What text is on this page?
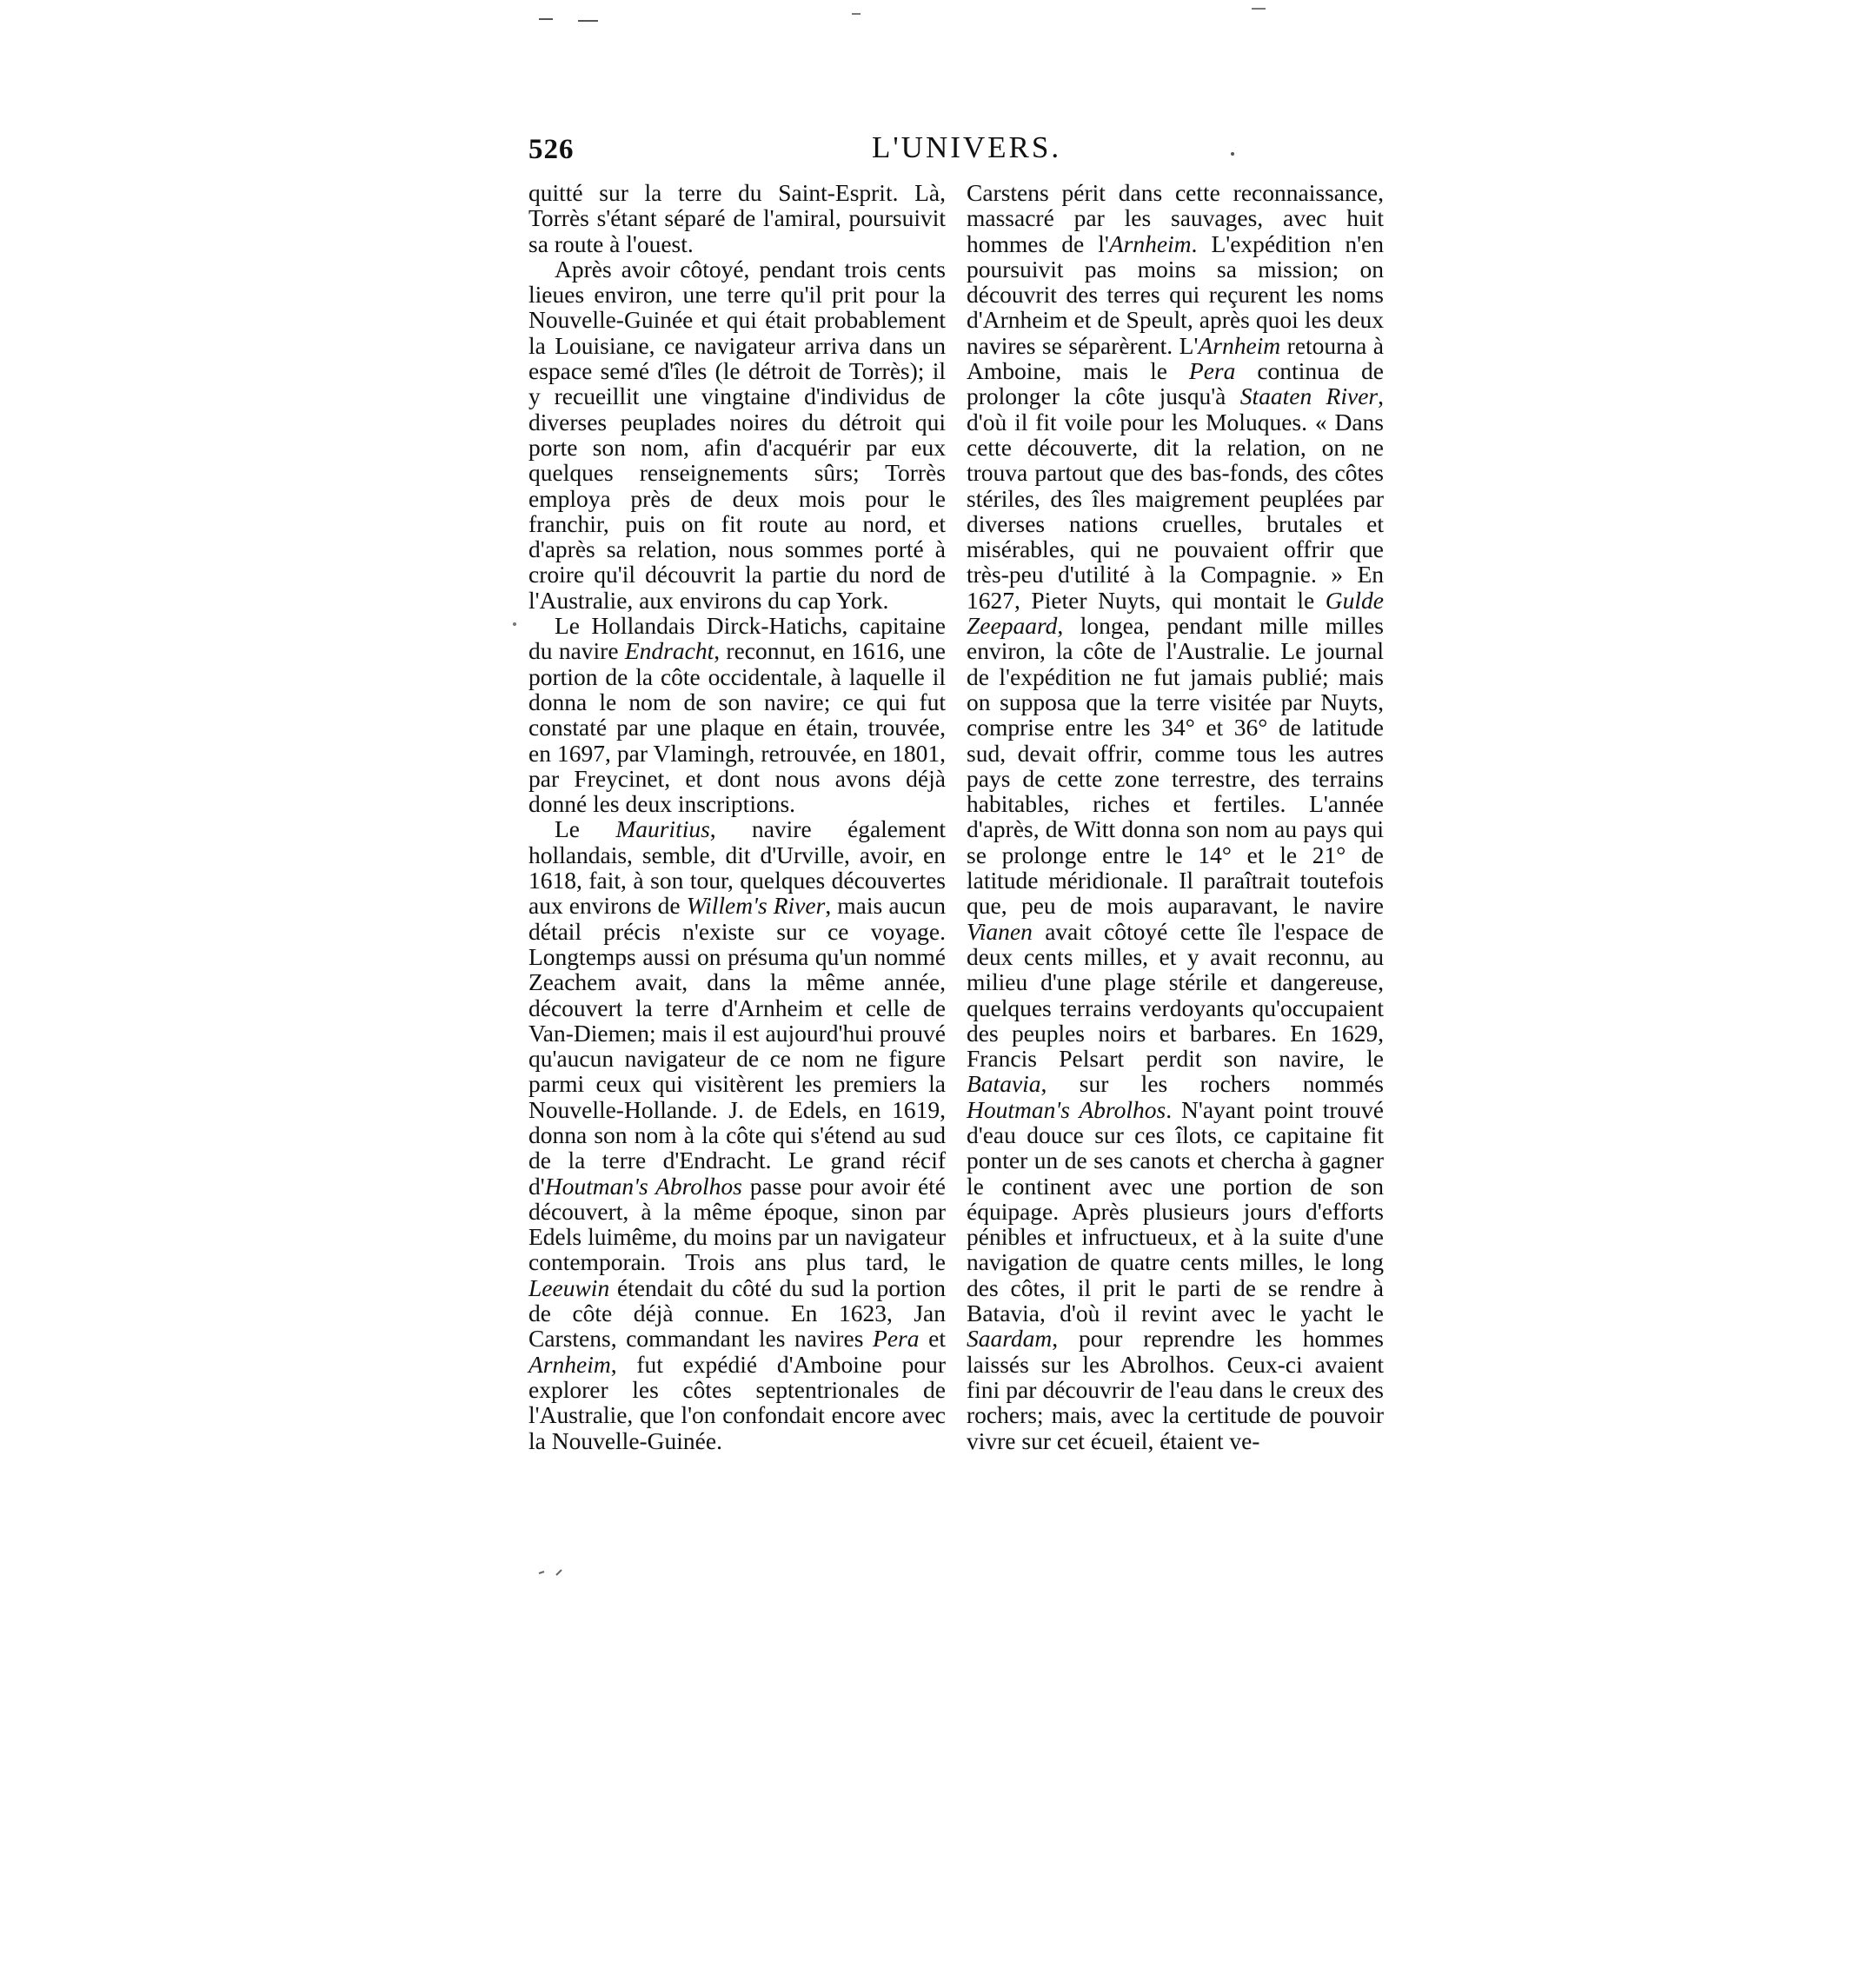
526	L'UNIVERS.

quitté sur la terre du Saint-Esprit. Là, Torrès s'étant séparé de l'amiral, poursuivit sa route à l'ouest.

Après avoir côtoyé, pendant trois cents lieues environ, une terre qu'il prit pour la Nouvelle-Guinée et qui était probablement la Louisiane, ce navigateur arriva dans un espace semé d'îles (le détroit de Torrès); il y recueillit une vingtaine d'individus de diverses peuplades noires du détroit qui porte son nom, afin d'acquérir par eux quelques renseignements sûrs; Torrès employa près de deux mois pour le franchir, puis on fit route au nord, et d'après sa relation, nous sommes porté à croire qu'il découvrit la partie du nord de l'Australie, aux environs du cap York.

Le Hollandais Dirck-Hatichs, capitaine du navire Endracht, reconnut, en 1616, une portion de la côte occidentale, à laquelle il donna le nom de son navire; ce qui fut constaté par une plaque en étain, trouvée, en 1697, par Vlamingh, retrouvée, en 1801, par Freycinet, et dont nous avons déjà donné les deux inscriptions.

Le Mauritius, navire également hollandais, semble, dit d'Urville, avoir, en 1618, fait, à son tour, quelques découvertes aux environs de Willem's River, mais aucun détail précis n'existe sur ce voyage. Longtemps aussi on présuma qu'un nommé Zeachem avait, dans la même année, découvert la terre d'Arnheim et celle de Van-Diemen; mais il est aujourd'hui prouvé qu'aucun navigateur de ce nom ne figure parmi ceux qui visitèrent les premiers la Nouvelle-Hollande. J. de Edels, en 1619, donna son nom à la côte qui s'étend au sud de la terre d'Endracht. Le grand récif d'Houtman's Abrolhos passe pour avoir été découvert, à la même époque, sinon par Edels luimême, du moins par un navigateur contemporain. Trois ans plus tard, le Leeuwin étendait du côté du sud la portion de côte déjà connue. En 1623, Jan Carstens, commandant les navires Pera et Arnheim, fut expédié d'Amboine pour explorer les côtes septentrionales de l'Australie, que l'on confondait encore avec la Nouvelle-Guinée.

Carstens périt dans cette reconnaissance, massacré par les sauvages, avec huit hommes de l'Arnheim. L'expédition n'en poursuivit pas moins sa mission; on découvrit des terres qui reçurent les noms d'Arnheim et de Speult, après quoi les deux navires se séparèrent. L'Arnheim retourna à Amboine, mais le Pera continua de prolonger la côte jusqu'à Staaten River, d'où il fit voile pour les Moluques. « Dans cette découverte, dit la relation, on ne trouva partout que des bas-fonds, des côtes stériles, des îles maigrement peuplées par diverses nations cruelles, brutales et misérables, qui ne pouvaient offrir que très-peu d'utilité à la Compagnie. » En 1627, Pieter Nuyts, qui montait le Gulde Zeepaard, longea, pendant mille milles environ, la côte de l'Australie. Le journal de l'expédition ne fut jamais publié; mais on supposa que la terre visitée par Nuyts, comprise entre les 34° et 36° de latitude sud, devait offrir, comme tous les autres pays de cette zone terrestre, des terrains habitables, riches et fertiles. L'année d'après, de Witt donna son nom au pays qui se prolonge entre le 14° et le 21° de latitude méridionale. Il paraîtrait toutefois que, peu de mois auparavant, le navire Vianen avait côtoyé cette île l'espace de deux cents milles, et y avait reconnu, au milieu d'une plage stérile et dangereuse, quelques terrains verdoyants qu'occupaient des peuples noirs et barbares. En 1629, Francis Pelsart perdit son navire, le Batavia, sur les rochers nommés Houtman's Abrolhos. N'ayant point trouvé d'eau douce sur ces îlots, ce capitaine fit ponter un de ses canots et chercha à gagner le continent avec une portion de son équipage. Après plusieurs jours d'efforts pénibles et infructueux, et à la suite d'une navigation de quatre cents milles, le long des côtes, il prit le parti de se rendre à Batavia, d'où il revint avec le yacht le Saardam, pour reprendre les hommes laissés sur les Abrolhos. Ceux-ci avaient fini par découvrir de l'eau dans le creux des rochers; mais, avec la certitude de pouvoir vivre sur cet écueil, étaient ve-
